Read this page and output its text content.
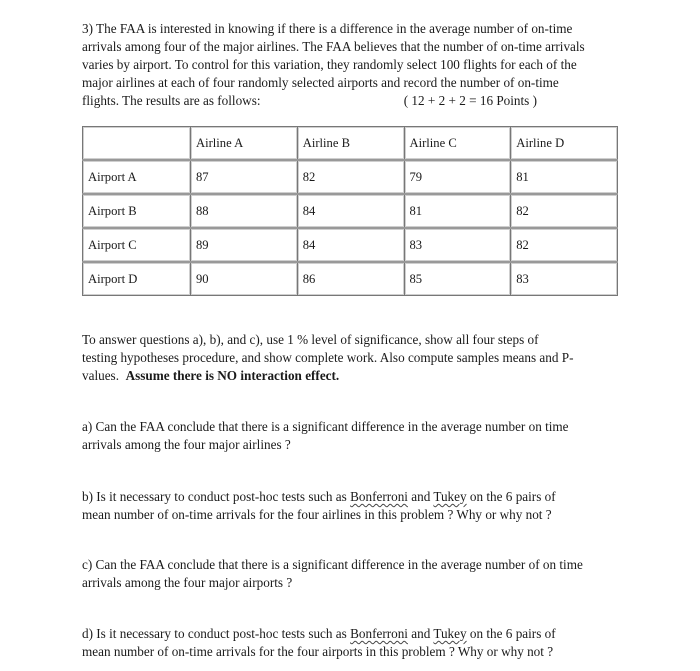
3) The FAA is interested in knowing if there is a difference in the average number of on-time
arrivals among four of the major airlines. The FAA believes that the number of on-time arrivals
varies by airport. To control for this variation, they randomly select 100 flights for each of the
major airlines at each of four randomly selected airports and record the number of on-time
flights. The results are as follows:	( 12 + 2 + 2 = 16 Points )
	Airline A	Airline B	Airline C	Airline D
Airport A	87	82	79	81
Airport B	88	84	81	82
Airport C	89	84	83	82
Airport D	90	86	85	83
To answer questions a), b), and c), use 1 % level of significance, show all four steps of
testing hypotheses procedure, and show complete work. Also compute samples means and P-
values. Assume there is NO interaction effect.
a) Can the FAA conclude that there is a significant difference in the average number on time
arrivals among the four major airlines ?
b) Is it necessary to conduct post-hoc tests such as Bonferroni and Tukey on the 6 pairs of
mean number of on-time arrivals for the four airlines in this problem ? Why or why not ?
c) Can the FAA conclude that there is a significant difference in the average number of on time
arrivals among the four major airports ?
d) Is it necessary to conduct post-hoc tests such as Bonferroni and Tukey on the 6 pairs of
mean number of on-time arrivals for the four airports in this problem ? Why or why not ?
